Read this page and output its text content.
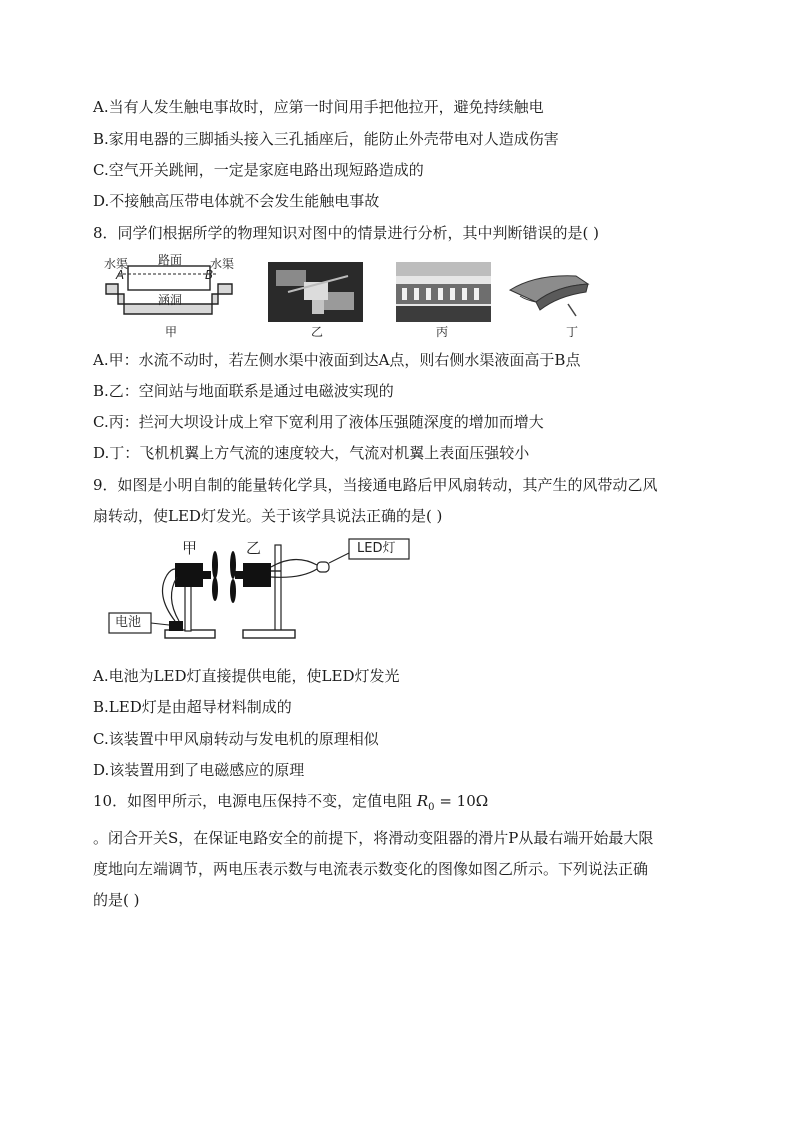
A.当有人发生触电事故时，应第一时间用手把他拉开，避免持续触电
B.家用电器的三脚插头接入三孔插座后，能防止外壳带电对人造成伤害
C.空气开关跳闸，一定是家庭电路出现短路造成的
D.不接触高压带电体就不会发生能触电事故
8．同学们根据所学的物理知识对图中的情景进行分析，其中判断错误的是( )
水渠 路面 水渠
A	B
涵洞
甲	乙	丙	丁
A.甲：水流不动时，若左侧水渠中液面到达A点，则右侧水渠液面高于B点
B.乙：空间站与地面联系是通过电磁波实现的
C.丙：拦河大坝设计成上窄下宽利用了液体压强随深度的增加而增大
D.丁：飞机机翼上方气流的速度较大，气流对机翼上表面压强较小
9．如图是小明自制的能量转化学具，当接通电路后甲风扇转动，其产生的风带动乙风
扇转动，使LED灯发光。关于该学具说法正确的是( )
甲	乙	LED灯
电池
A.电池为LED灯直接提供电能，使LED灯发光
B.LED灯是由超导材料制成的
C.该装置中甲风扇转动与发电机的原理相似
D.该装置用到了电磁感应的原理
10．如图甲所示，电源电压保持不变，定值电阻 $R_0 = 10\Omega$
。闭合开关S，在保证电路安全的前提下，将滑动变阻器的滑片P从最右端开始最大限
度地向左端调节，两电压表示数与电流表示数变化的图像如图乙所示。下列说法正确
的是( )
